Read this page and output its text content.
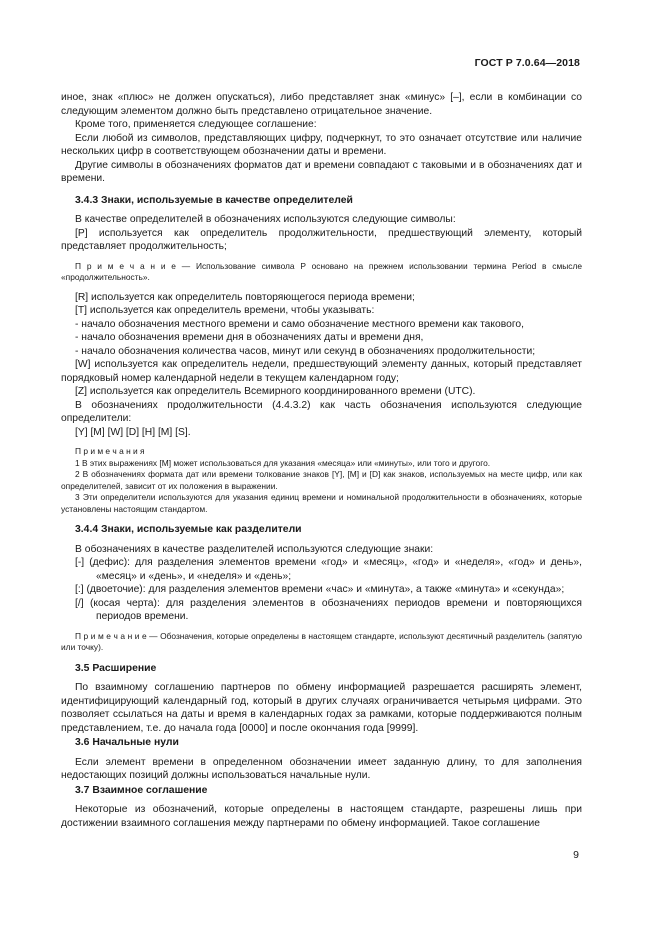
ГОСТ Р 7.0.64—2018
иное, знак «плюс» не должен опускаться), либо представляет знак «минус» [–], если в комбинации со следующим элементом должно быть представлено отрицательное значение.
Кроме того, применяется следующее соглашение:
Если любой из символов, представляющих цифру, подчеркнут, то это означает отсутствие или наличие нескольких цифр в соответствующем обозначении даты и времени.
Другие символы в обозначениях форматов дат и времени совпадают с таковыми и в обозначениях дат и времени.
3.4.3 Знаки, используемые в качестве определителей
В качестве определителей в обозначениях используются следующие символы:
[P] используется как определитель продолжительности, предшествующий элементу, который представляет продолжительность;
П р и м е ч а н и е — Использование символа P основано на прежнем использовании термина Period в смысле «продолжительность».
[R] используется как определитель повторяющегося периода времени;
[T] используется как определитель времени, чтобы указывать:
- начало обозначения местного времени и само обозначение местного времени как такового,
- начало обозначения времени дня в обозначениях даты и времени дня,
- начало обозначения количества часов, минут или секунд в обозначениях продолжительности;
[W] используется как определитель недели, предшествующий элементу данных, который представляет порядковый номер календарной недели в текущем календарном году;
[Z] используется как определитель Всемирного координированного времени (UTC).
В обозначениях продолжительности (4.4.3.2) как часть обозначения используются следующие определители:
[Y] [M] [W] [D] [H] [M] [S].
П р и м е ч а н и я
1 В этих выражениях [M] может использоваться для указания «месяца» или «минуты», или того и другого.
2 В обозначениях формата дат или времени толкование знаков [Y], [M] и [D] как знаков, используемых на месте цифр, или как определителей, зависит от их положения в выражении.
3 Эти определители используются для указания единиц времени и номинальной продолжительности в обозначениях, которые установлены настоящим стандартом.
3.4.4 Знаки, используемые как разделители
В обозначениях в качестве разделителей используются следующие знаки:
[-] (дефис): для разделения элементов времени «год» и «месяц», «год» и «неделя», «год» и день», «месяц» и «день», и «неделя» и «день»;
[:] (двоеточие): для разделения элементов времени «час» и «минута», а также «минута» и «секунда»;
[/] (косая черта): для разделения элементов в обозначениях периодов времени и повторяющихся периодов времени.
П р и м е ч а н и е — Обозначения, которые определены в настоящем стандарте, используют десятичный разделитель (запятую или точку).
3.5 Расширение
По взаимному соглашению партнеров по обмену информацией разрешается расширять элемент, идентифицирующий календарный год, который в других случаях ограничивается четырьмя цифрами. Это позволяет ссылаться на даты и время в календарных годах за рамками, которые поддерживаются полным представлением, т.е. до начала года [0000] и после окончания года [9999].
3.6 Начальные нули
Если элемент времени в определенном обозначении имеет заданную длину, то для заполнения недостающих позиций должны использоваться начальные нули.
3.7 Взаимное соглашение
Некоторые из обозначений, которые определены в настоящем стандарте, разрешены лишь при достижении взаимного соглашения между партнерами по обмену информацией. Такое соглашение
9
